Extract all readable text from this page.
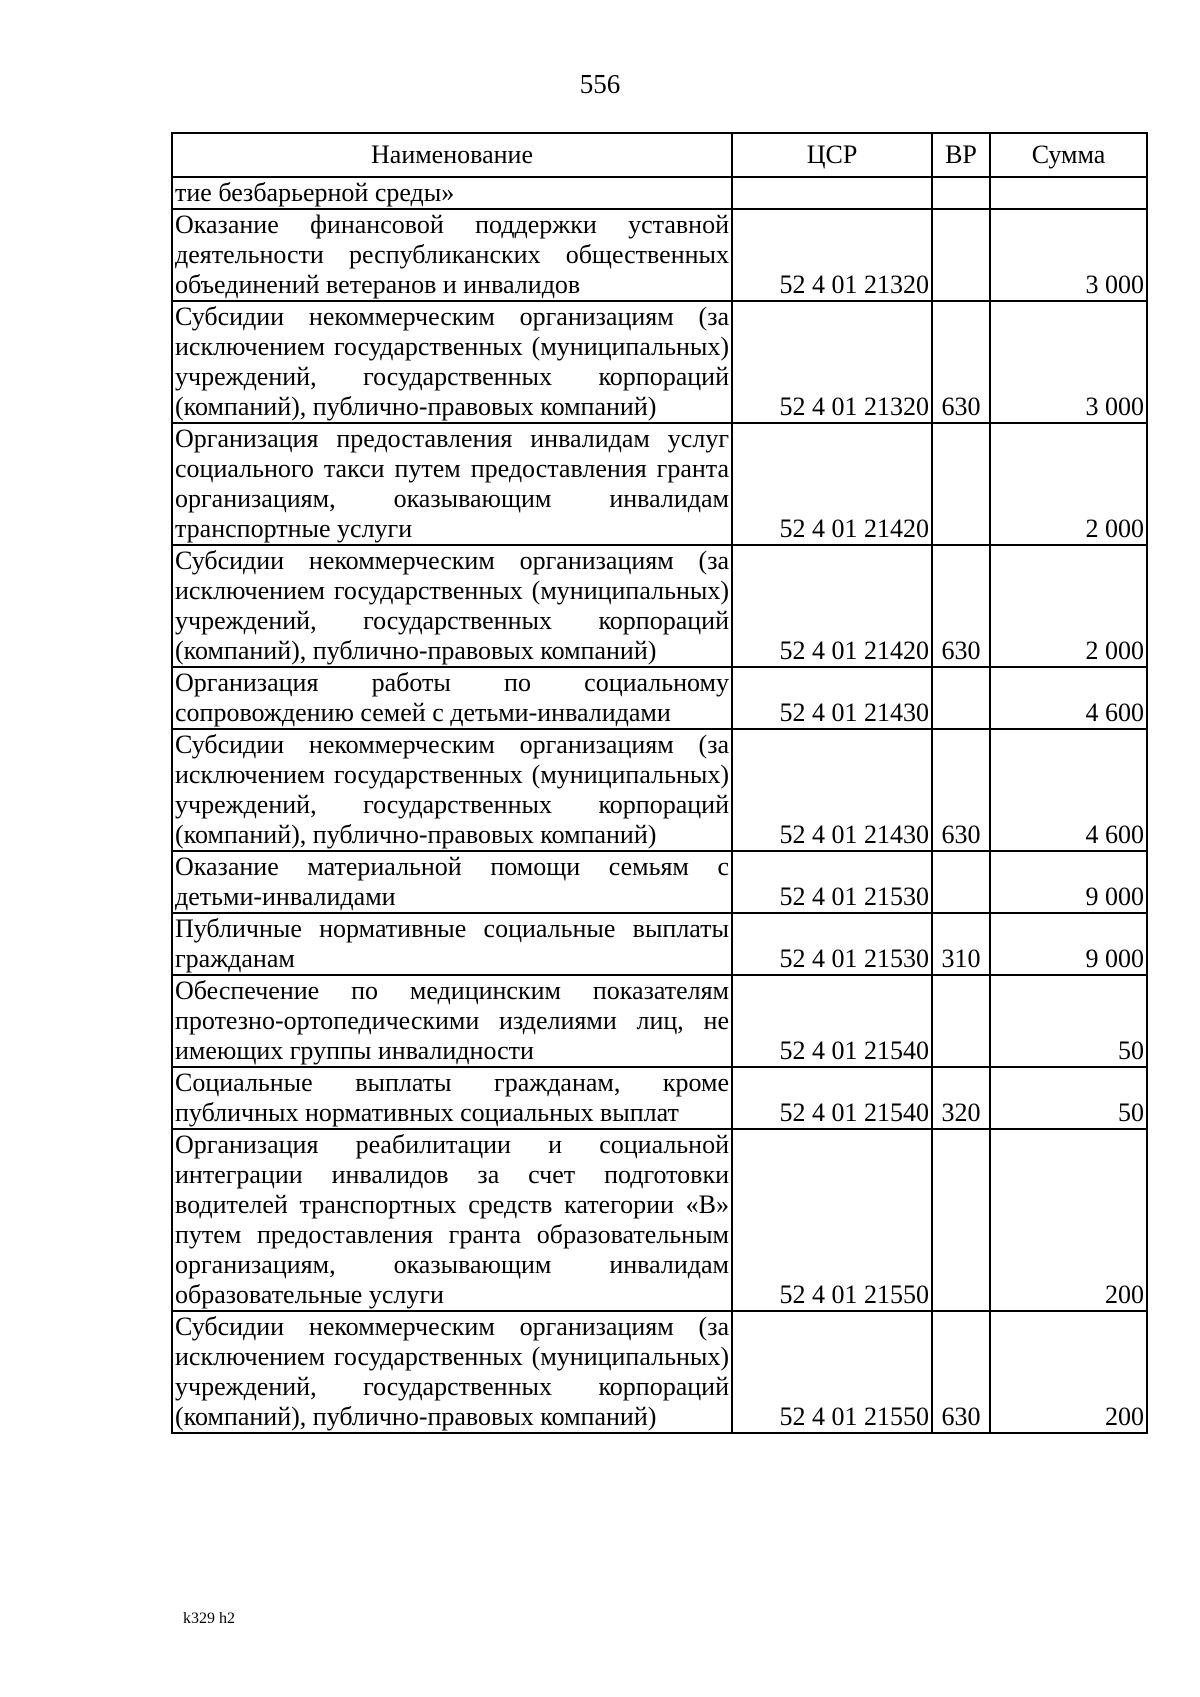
556
Наименование	ЦСР	ВР	Сумма
тие безбарьерной среды»			
Оказание финансовой поддержки уставной деятельности республиканских общественных объединений ветеранов и инвалидов	52 4 01 21320		3 000
Субсидии некоммерческим организациям (за исключением государственных (муниципальных) учреждений, государственных корпораций (компаний), публично-правовых компаний)	52 4 01 21320	630	3 000
Организация предоставления инвалидам услуг социального такси путем предоставления гранта организациям, оказывающим инвалидам транспортные услуги	52 4 01 21420		2 000
Субсидии некоммерческим организациям (за исключением государственных (муниципальных) учреждений, государственных корпораций (компаний), публично-правовых компаний)	52 4 01 21420	630	2 000
Организация работы по социальному сопровождению семей с детьми-инвалидами	52 4 01 21430		4 600
Субсидии некоммерческим организациям (за исключением государственных (муниципальных) учреждений, государственных корпораций (компаний), публично-правовых компаний)	52 4 01 21430	630	4 600
Оказание материальной помощи семьям с детьми-инвалидами	52 4 01 21530		9 000
Публичные нормативные социальные выплаты гражданам	52 4 01 21530	310	9 000
Обеспечение по медицинским показателям протезно-ортопедическими изделиями лиц, не имеющих группы инвалидности	52 4 01 21540		50
Социальные выплаты гражданам, кроме публичных нормативных социальных выплат	52 4 01 21540	320	50
Организация реабилитации и социальной интеграции инвалидов за счет подготовки водителей транспортных средств категории «В» путем предоставления гранта образовательным организациям, оказывающим инвалидам образовательные услуги	52 4 01 21550		200
Субсидии некоммерческим организациям (за исключением государственных (муниципальных) учреждений, государственных корпораций (компаний), публично-правовых компаний)	52 4 01 21550	630	200
k329 h2
